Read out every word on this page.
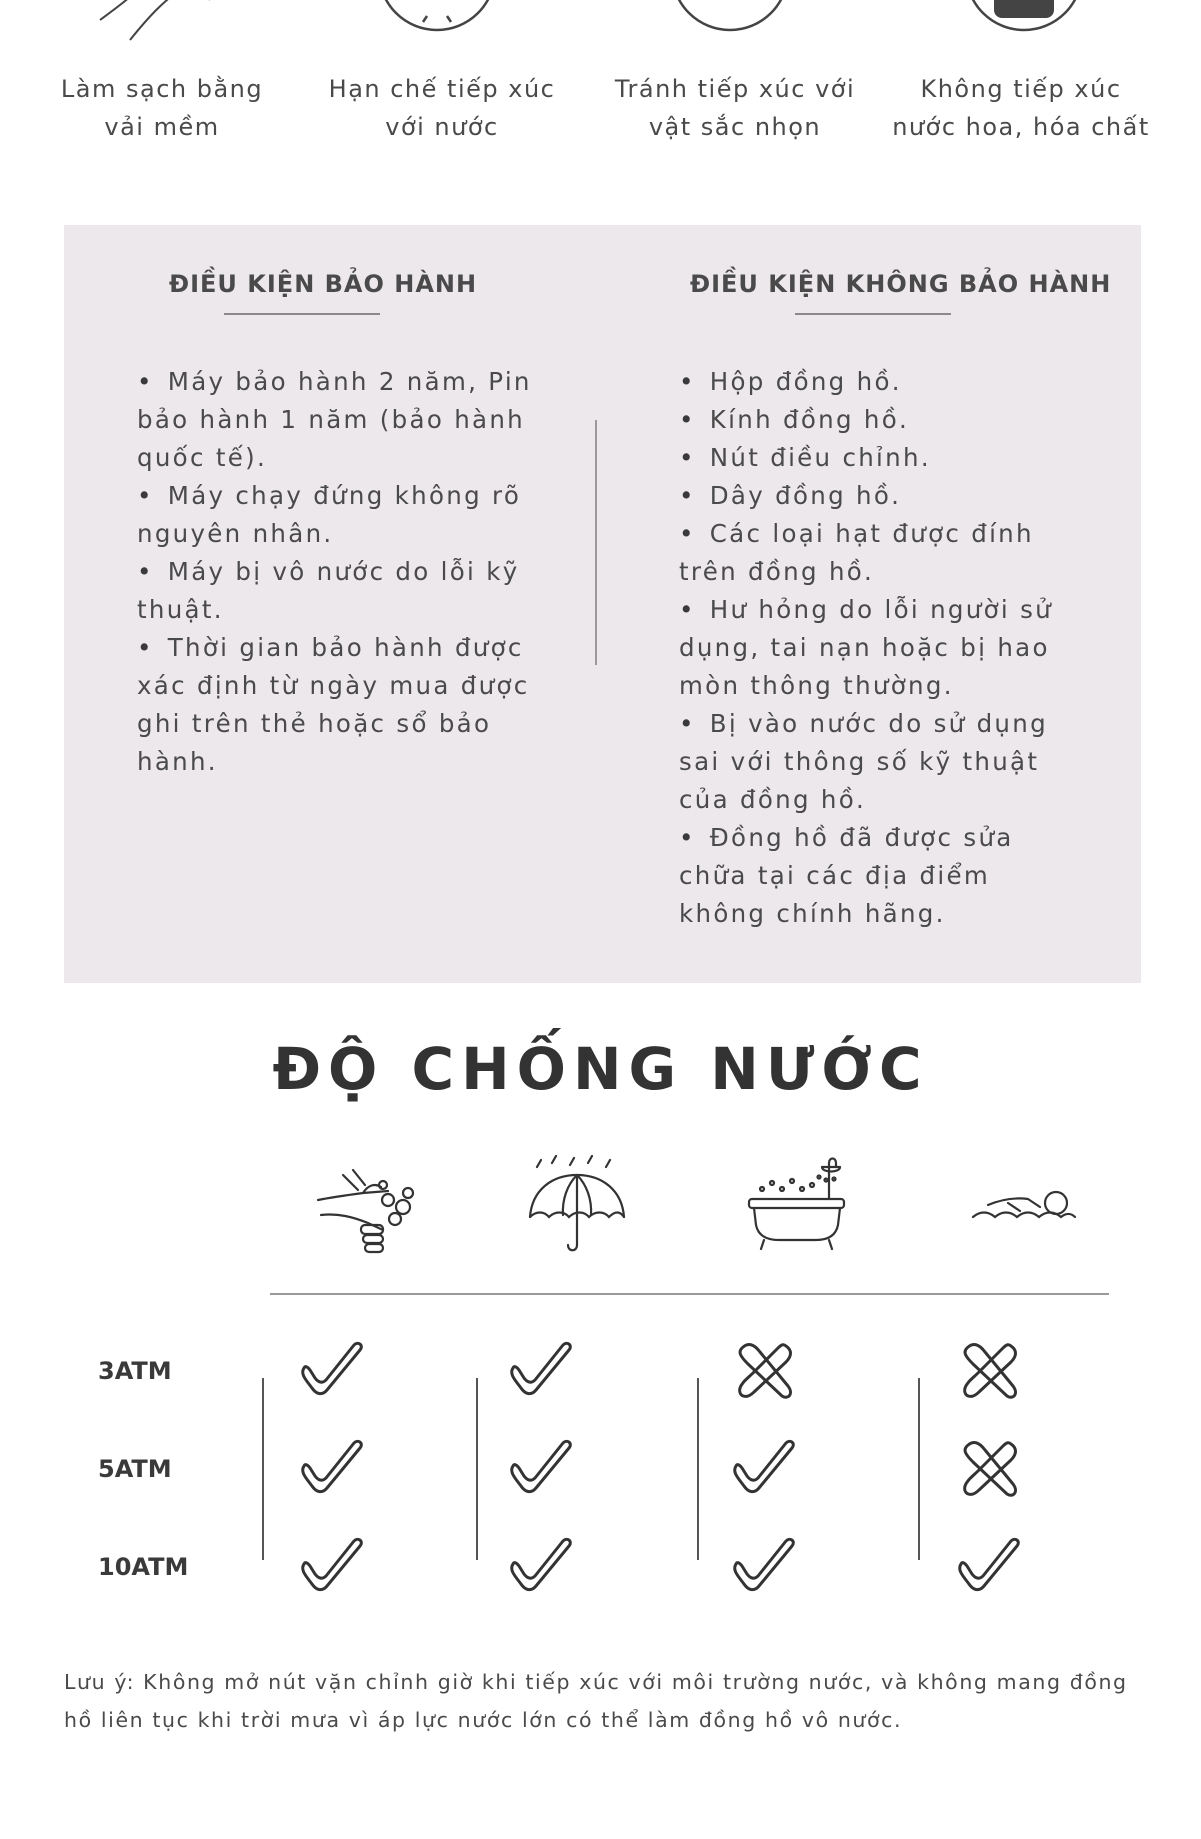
Làm sạch bằng
vải mềm
Hạn chế tiếp xúc
với nước
Tránh tiếp xúc với
vật sắc nhọn
Không tiếp xúc
nước hoa, hóa chất
ĐIỀU KIỆN BẢO HÀNH
• Máy bảo hành 2 năm, Pin bảo hành 1 năm (bảo hành quốc tế).
• Máy chạy đứng không rõ nguyên nhân.
• Máy bị vô nước do lỗi kỹ thuật.
• Thời gian bảo hành được xác định từ ngày mua được ghi trên thẻ hoặc sổ bảo hành.
ĐIỀU KIỆN KHÔNG BẢO HÀNH
• Hộp đồng hồ.
• Kính đồng hồ.
• Nút điều chỉnh.
• Dây đồng hồ.
• Các loại hạt được đính trên đồng hồ.
• Hư hỏng do lỗi người sử dụng, tai nạn hoặc bị hao mòn thông thường.
• Bị vào nước do sử dụng sai với thông số kỹ thuật của đồng hồ.
• Đồng hồ đã được sửa chữa tại các địa điểm không chính hãng.
ĐỘ CHỐNG NƯỚC
3ATM
5ATM
10ATM
Lưu ý: Không mở nút vặn chỉnh giờ khi tiếp xúc với môi trường nước, và không mang đồng hồ liên tục khi trời mưa vì áp lực nước lớn có thể làm đồng hồ vô nước.
